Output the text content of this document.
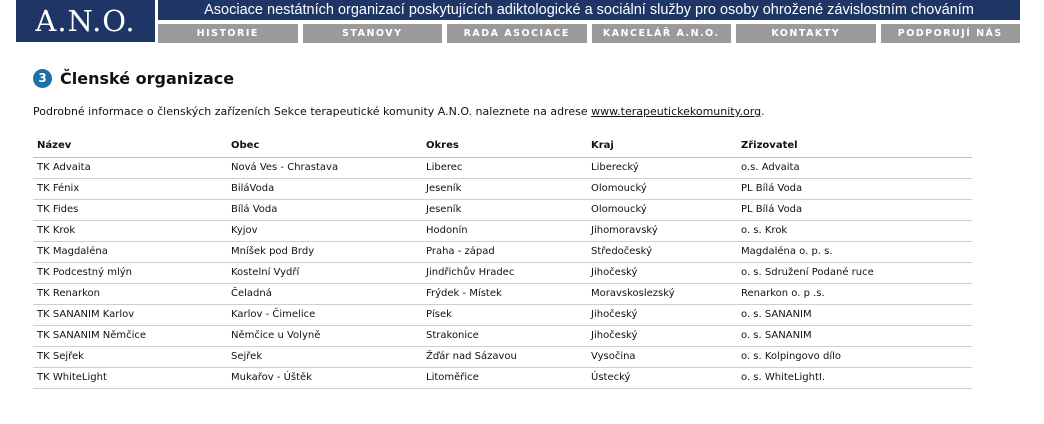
A.N.O.	Asociace nestátních organizací poskytujících adiktologické a sociální služby pro osoby ohrožené závislostním chováním
HISTORIE	STANOVY	RADA ASOCIACE	KANCELÁŘ A.N.O.	KONTAKTY	PODPORUJÍ NÁS
3 Členské organizace

Podrobné informace o členských zařízeních Sekce terapeutické komunity A.N.O. naleznete na adrese www.terapeutickekomunity.org.

Název	Obec	Okres	Kraj	Zřizovatel
TK Advaita	Nová Ves - Chrastava	Liberec	Liberecký	o.s. Advaita
TK Fénix	BiláVoda	Jeseník	Olomoucký	PL Bílá Voda
TK Fides	Bílá Voda	Jeseník	Olomoucký	PL Bílá Voda
TK Krok	Kyjov	Hodonín	Jihomoravský	o. s. Krok
TK Magdaléna	Mníšek pod Brdy	Praha - západ	Středočeský	Magdaléna o. p. s.
TK Podcestný mlýn	Kostelní Vydří	Jindřichův Hradec	Jihočeský	o. s. Sdružení Podané ruce
TK Renarkon	Čeladná	Frýdek - Místek	Moravskoslezský	Renarkon o. p .s.
TK SANANIM Karlov	Karlov - Čimelice	Písek	Jihočeský	o. s. SANANIM
TK SANANIM Němčice	Němčice u Volyně	Strakonice	Jihočeský	o. s. SANANIM
TK Sejřek	Sejřek	Žďár nad Sázavou	Vysočina	o. s. Kolpingovo dílo
TK WhiteLight	Mukařov - Úštěk	Litoměřice	Ústecký	o. s. WhiteLightI.
